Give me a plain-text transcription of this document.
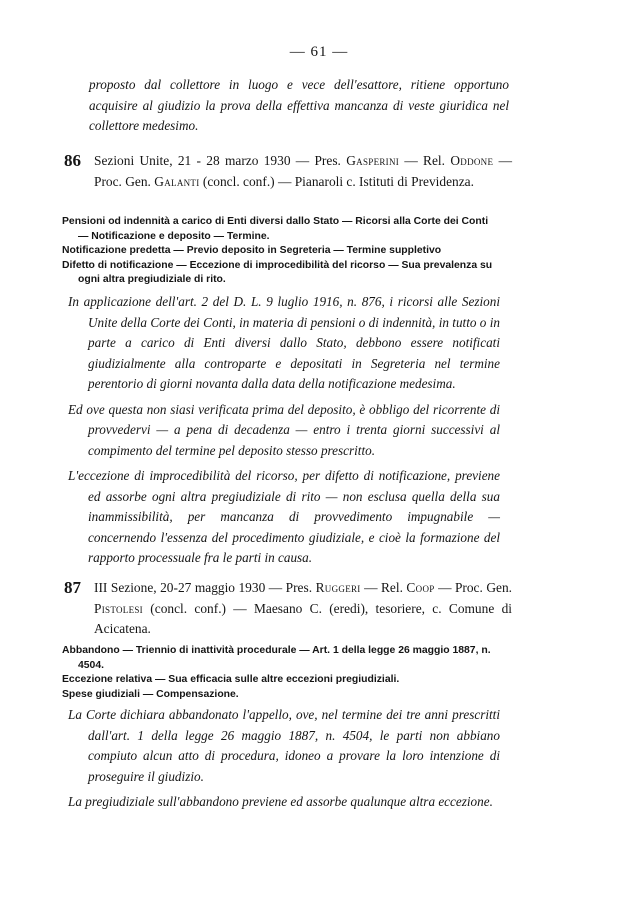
— 61 —

proposto dal collettore in luogo e vece dell'esattore, ritiene opportuno acquisire al giudizio la prova della effettiva mancanza di veste giuridica nel collettore medesimo.

86 Sezioni Unite, 21 - 28 marzo 1930 — Pres. Gasperini — Rel. Oddone — Proc. Gen. Galanti (concl. conf.) — Pianaroli c. Istituti di Previdenza.
Pensioni od indennità a carico di Enti diversi dallo Stato — Ricorsi alla Corte dei Conti — Notificazione e deposito — Termine.
Notificazione predetta — Previo deposito in Segreteria — Termine suppletivo
Difetto di notificazione — Eccezione di improcedibilità del ricorso — Sua prevalenza su ogni altra pregiudiziale di rito.

In applicazione dell'art. 2 del D. L. 9 luglio 1916, n. 876, i ricorsi alle Sezioni Unite della Corte dei Conti, in materia di pensioni o di indennità, in tutto o in parte a carico di Enti diversi dallo Stato, debbono essere notificati giudizialmente alla controparte e depositati in Segreteria nel termine perentorio di giorni novanta dalla data della notificazione medesima.

Ed ove questa non siasi verificata prima del deposito, è obbligo del ricorrente di provvedervi — a pena di decadenza — entro i trenta giorni successivi al compimento del termine pel deposito stesso prescritto.

L'eccezione di improcedibilità del ricorso, per difetto di notificazione, previene ed assorbe ogni altra pregiudiziale di rito — non esclusa quella della sua inammissibilità, per mancanza di provvedimento impugnabile — concernendo l'essenza del procedimento giudiziale, e cioè la formazione del rapporto processuale fra le parti in causa.

87 III Sezione, 20-27 maggio 1930 — Pres. Ruggeri — Rel. Coop — Proc. Gen. Pistolesi (concl. conf.) — Maesano C. (eredi), tesoriere, c. Comune di Acicatena.
Abbandono — Triennio di inattività procedurale — Art. 1 della legge 26 maggio 1887, n. 4504.
Eccezione relativa — Sua efficacia sulle altre eccezioni pregiudiziali.
Spese giudiziali — Compensazione.

La Corte dichiara abbandonato l'appello, ove, nel termine dei tre anni prescritti dall'art. 1 della legge 26 maggio 1887, n. 4504, le parti non abbiano compiuto alcun atto di procedura, idoneo a provare la loro intenzione di proseguire il giudizio.

La pregiudiziale sull'abbandono previene ed assorbe qualunque altra eccezione.
